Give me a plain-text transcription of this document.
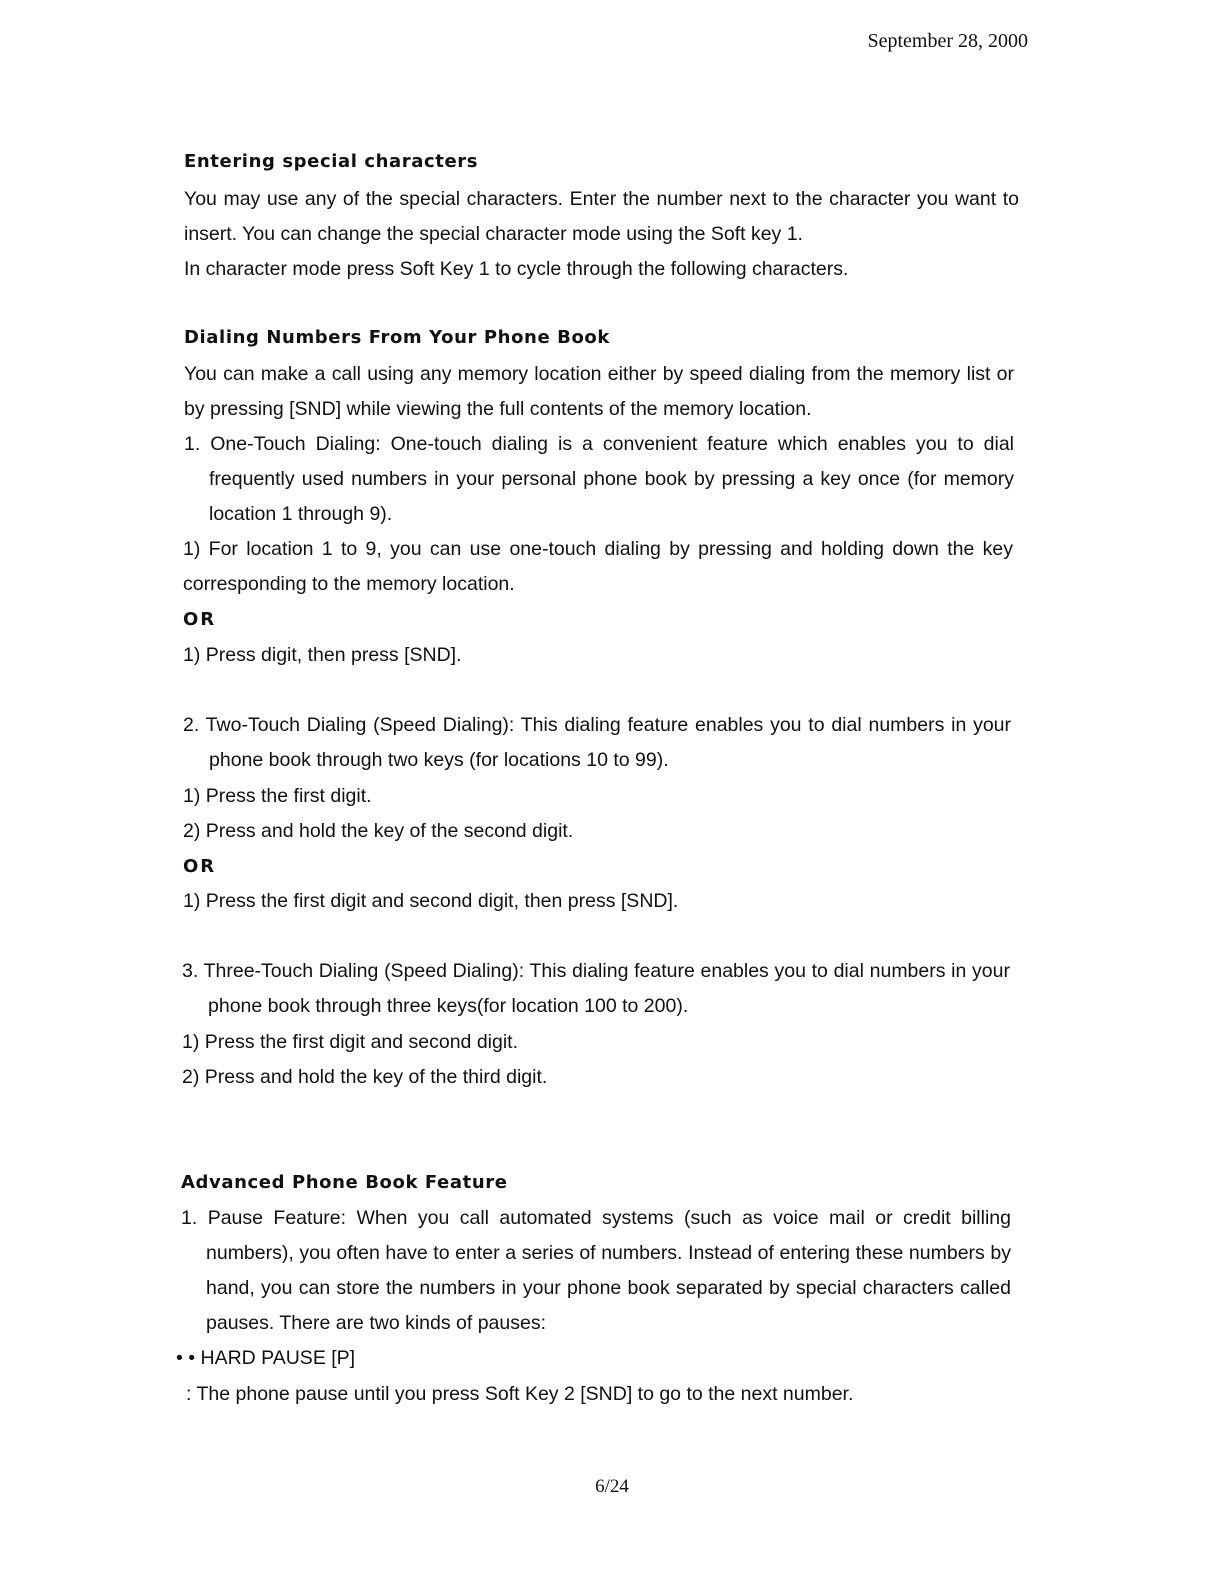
September 28, 2000
Entering special characters

You may use any of the special characters. Enter the number next to the character you want to insert. You can change the special character mode using the Soft key 1.

In character mode press Soft Key 1 to cycle through the following characters.

Dialing Numbers From Your Phone Book

You can make a call using any memory location either by speed dialing from the memory list or by pressing [SND] while viewing the full contents of the memory location.

1. One-Touch Dialing: One-touch dialing is a convenient feature which enables you to dial frequently used numbers in your personal phone book by pressing a key once (for memory location 1 through 9).

1) For location 1 to 9, you can use one-touch dialing by pressing and holding down the key corresponding to the memory location.

OR

1) Press digit, then press [SND].

2. Two-Touch Dialing (Speed Dialing): This dialing feature enables you to dial numbers in your phone book through two keys (for locations 10 to 99).

1) Press the first digit.

2) Press and hold the key of the second digit.

OR

1) Press the first digit and second digit, then press [SND].

3. Three-Touch Dialing (Speed Dialing): This dialing feature enables you to dial numbers in your phone book through three keys(for location 100 to 200).

1) Press the first digit and second digit.

2) Press and hold the key of the third digit.

Advanced Phone Book Feature

1. Pause Feature: When you call automated systems (such as voice mail or credit billing numbers), you often have to enter a series of numbers. Instead of entering these numbers by hand, you can store the numbers in your phone book separated by special characters called pauses. There are two kinds of pauses:

• • HARD PAUSE [P]

: The phone pause until you press Soft Key 2 [SND] to go to the next number.

6/24
